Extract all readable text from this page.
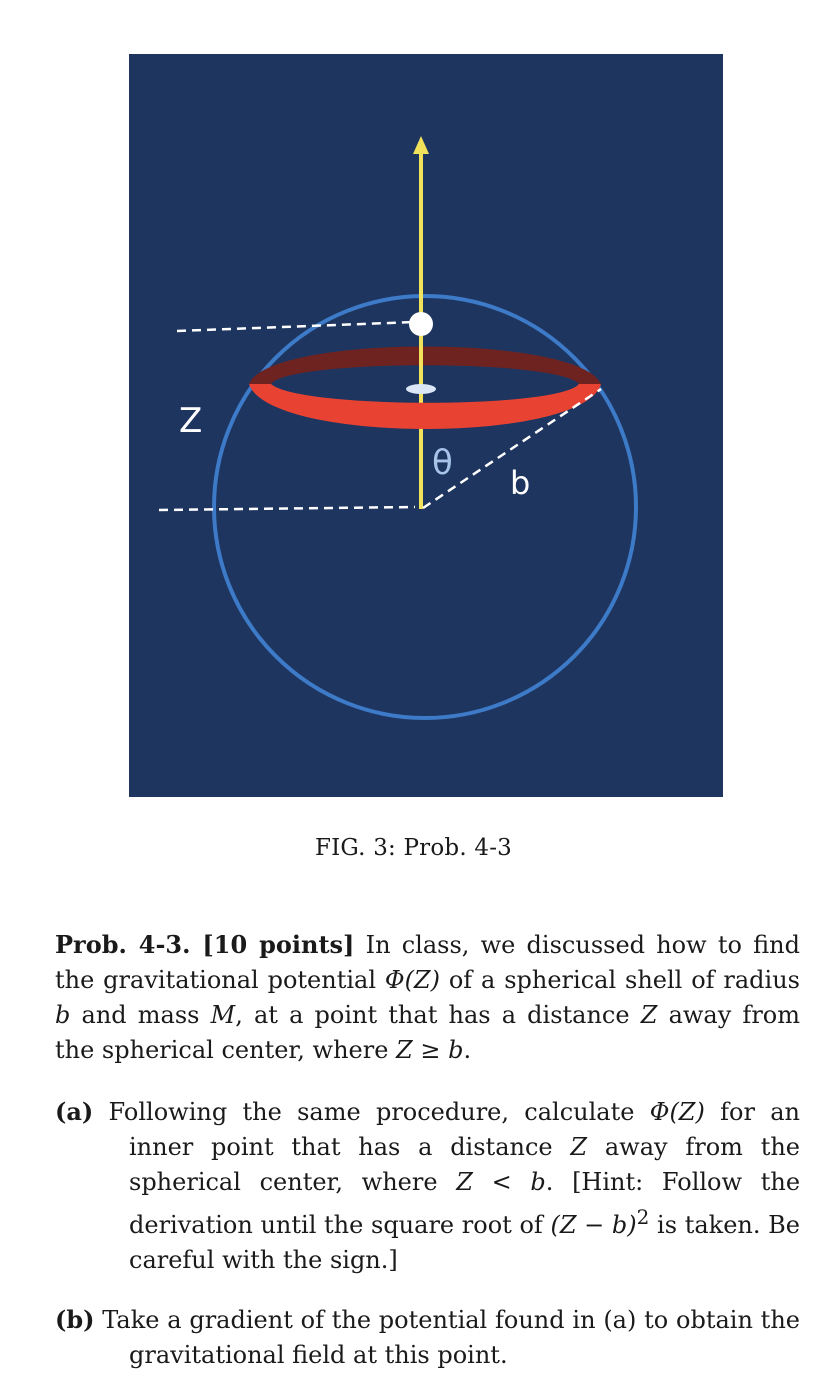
Z
θ b
FIG. 3: Prob. 4-3

Prob. 4-3. [10 points] In class, we discussed how to find the gravitational potential Φ(Z) of a spherical shell of radius b and mass M, at a point that has a distance Z away from the spherical center, where Z ≥ b.

(a) Following the same procedure, calculate Φ(Z) for an inner point that has a distance Z away from the spherical center, where Z < b. [Hint: Follow the derivation until the square root of $(Z - b)^2$ is taken. Be careful with the sign.]

(b) Take a gradient of the potential found in (a) to obtain the gravitational field at this point.
